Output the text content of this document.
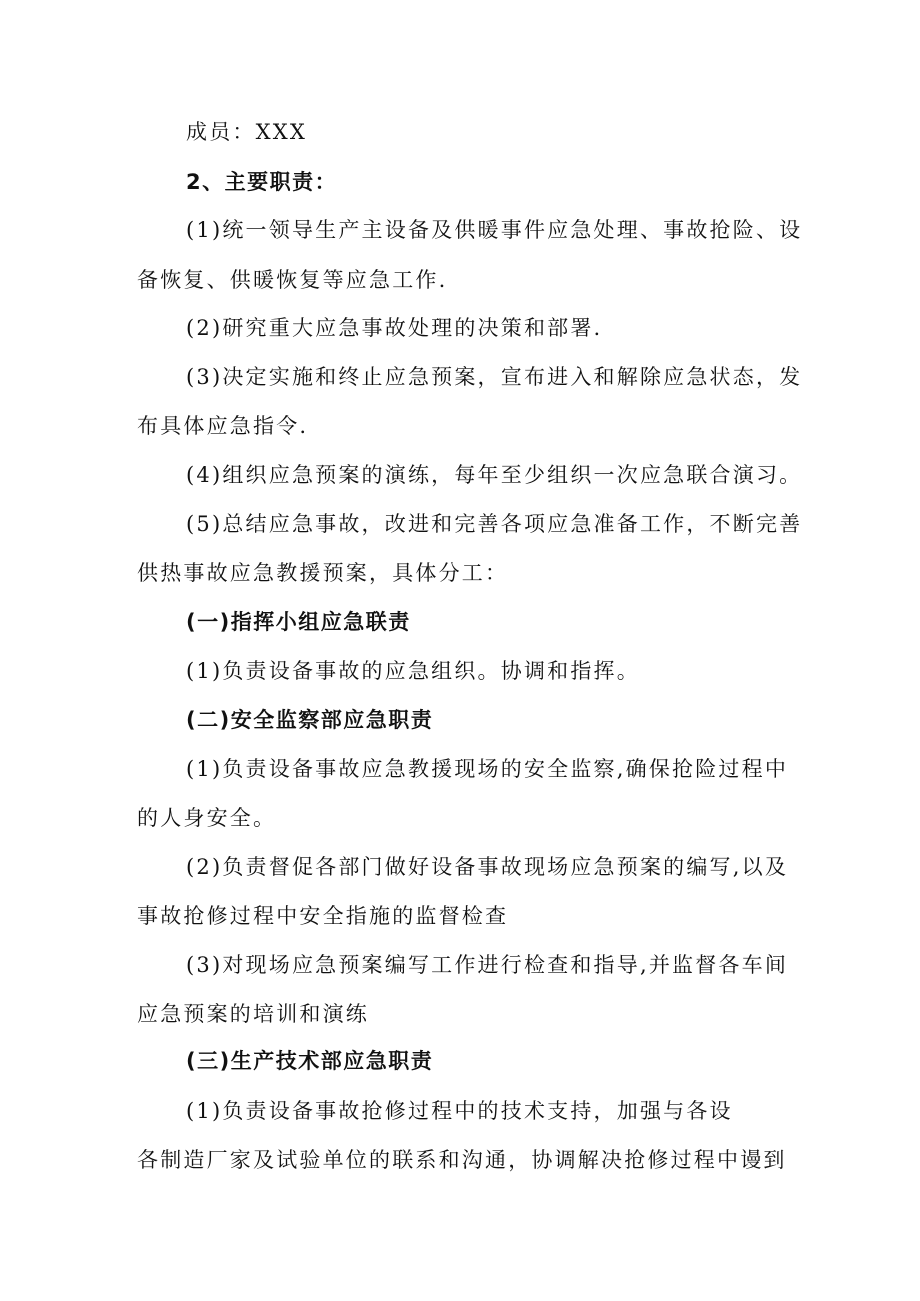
成员：XXX
2、主要职责：
(1)统一领导生产主设备及供暖事件应急处理、事故抢险、设
备恢复、供暖恢复等应急工作.
(2)研究重大应急事故处理的决策和部署.
(3)决定实施和终止应急预案，宣布进入和解除应急状态，发
布具体应急指令.
(4)组织应急预案的演练，每年至少组织一次应急联合演习。
(5)总结应急事故，改进和完善各项应急准备工作，不断完善
供热事故应急教援预案，具体分工：
(一)指挥小组应急联责
(1)负责设备事故的应急组织。协调和指挥。
(二)安全监察部应急职责
(1)负责设备事故应急教援现场的安全监察,确保抢险过程中
的人身安全。
(2)负责督促各部门做好设备事故现场应急预案的编写,以及
事故抢修过程中安全指施的监督检查
(3)对现场应急预案编写工作进行检查和指导,并监督各车间
应急预案的培训和演练
(三)生产技术部应急职责
(1)负责设备事故抢修过程中的技术支持，加强与各设
各制造厂家及试验单位的联系和沟通，协调解决抢修过程中谩到
